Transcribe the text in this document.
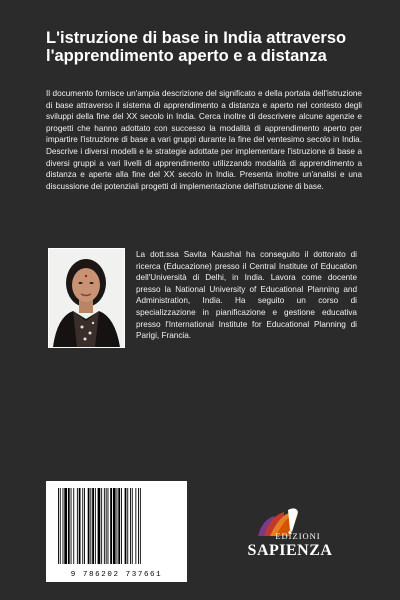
L'istruzione di base in India attraverso l'apprendimento aperto e a distanza

Il documento fornisce un'ampia descrizione del significato e della portata dell'istruzione di base attraverso il sistema di apprendimento a distanza e aperto nel contesto degli sviluppi della fine del XX secolo in India. Cerca inoltre di descrivere alcune agenzie e progetti che hanno adottato con successo la modalità di apprendimento aperto per impartire l'istruzione di base a vari gruppi durante la fine del ventesimo secolo in India. Descrive i diversi modelli e le strategie adottate per implementare l'istruzione di base a diversi gruppi a vari livelli di apprendimento utilizzando modalità di apprendimento a distanza e aperte alla fine del XX secolo in India. Presenta inoltre un'analisi e una discussione dei potenziali progetti di implementazione dell'istruzione di base.

La dott.ssa Savita Kaushal ha conseguito il dottorato di ricerca (Educazione) presso il Central Institute of Education dell'Università di Delhi, in India. Lavora come docente presso la National University of Educational Planning and Administration, India. Ha seguito un corso di specializzazione in pianificazione e gestione educativa presso l'International Institute for Educational Planning di Parigi, Francia.

9 786202 737661
EDIZIONI
SAPIENZA
